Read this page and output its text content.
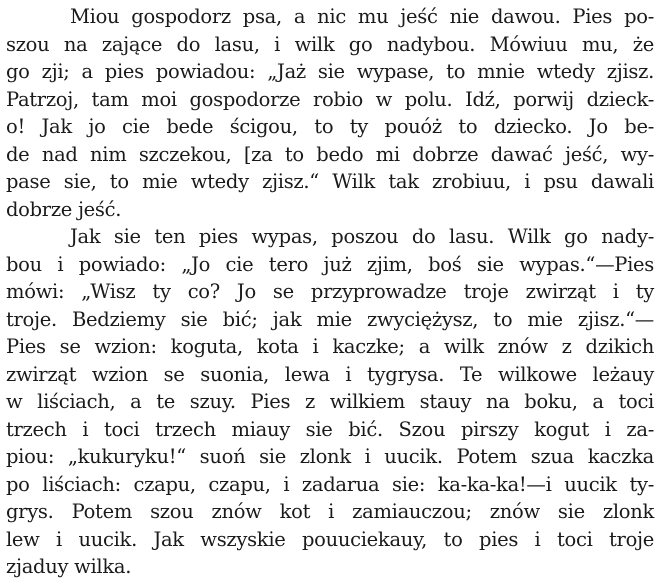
Miou gospodorz psa, a nic mu jeść nie dawou. Pies po-
szou na zające do lasu, i wilk go nadybou. Mówiuu mu, że
go zji; a pies powiadou: „Jaż sie wypase, to mnie wtedy zjisz.
Patrzoj, tam moi gospodorze robio w polu. Idź, porwij dzieck-
o! Jak jo cie bede ścigou, to ty pouóż to dziecko. Jo be-
de nad nim szczekou, [za to bedo mi dobrze dawać jeść, wy-
pase sie, to mie wtedy zjisz.“ Wilk tak zrobiuu, i psu dawali
dobrze jeść.
Jak sie ten pies wypas, poszou do lasu. Wilk go nady-
bou i powiado: „Jo cie tero już zjim, boś sie wypas.“—Pies
mówi: „Wisz ty co? Jo se przyprowadze troje zwirząt i ty
troje. Bedziemy sie bić; jak mie zwyciężysz, to mie zjisz.“—
Pies se wzion: koguta, kota i kaczke; a wilk znów z dzikich
zwirząt wzion se suonia, lewa i tygrysa. Te wilkowe leżauy
w liściach, a te szuy. Pies z wilkiem stauy na boku, a toci
trzech i toci trzech miauy sie bić. Szou pirszy kogut i za-
piou: „kukuryku!“ suoń sie zlonk i uucik. Potem szua kaczka
po liściach: czapu, czapu, i zadarua sie: ka-ka-ka!—i uucik ty-
grys. Potem szou znów kot i zamiauczou; znów sie zlonk
lew i uucik. Jak wszyskie pouuciekauy, to pies i toci troje
zjaduy wilka.
